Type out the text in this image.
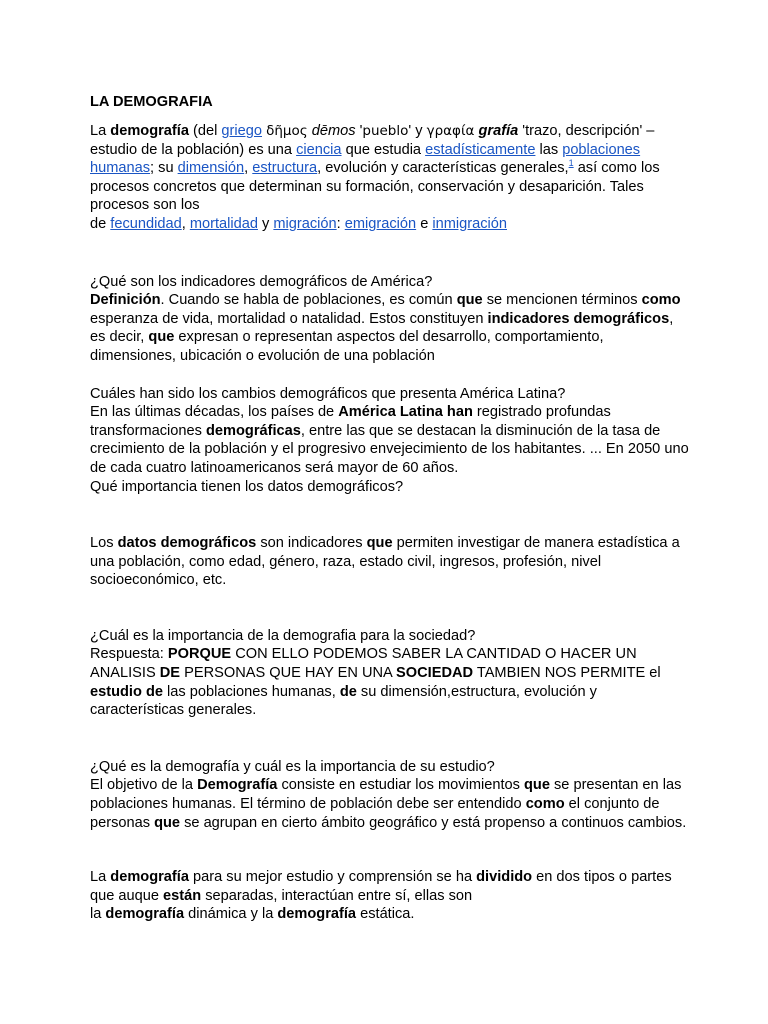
LA DEMOGRAFIA

La demografía (del griego δῆμος dēmos 'pueblo' y γραφία grafía 'trazo, descripción' – estudio de la población) es una ciencia que estudia estadísticamente las poblaciones humanas; su dimensión, estructura, evolución y características generales,$^1$ así como los procesos concretos que determinan su formación, conservación y desaparición. Tales procesos son los

de fecundidad, mortalidad y migración: emigración e inmigración

¿Qué son los indicadores demográficos de América?

Definición. Cuando se habla de poblaciones, es común que se mencionen términos como esperanza de vida, mortalidad o natalidad. Estos constituyen indicadores demográficos, es decir, que expresan o representan aspectos del desarrollo, comportamiento, dimensiones, ubicación o evolución de una población

Cuáles han sido los cambios demográficos que presenta América Latina?

En las últimas décadas, los países de América Latina han registrado profundas transformaciones demográficas, entre las que se destacan la disminución de la tasa de crecimiento de la población y el progresivo envejecimiento de los habitantes. ... En 2050 uno de cada cuatro latinoamericanos será mayor de 60 años.

Qué importancia tienen los datos demográficos?

Los datos demográficos son indicadores que permiten investigar de manera estadística a una población, como edad, género, raza, estado civil, ingresos, profesión, nivel socioeconómico, etc.

¿Cuál es la importancia de la demografia para la sociedad?

Respuesta: PORQUE CON ELLO PODEMOS SABER LA CANTIDAD O HACER UN ANALISIS DE PERSONAS QUE HAY EN UNA SOCIEDAD TAMBIEN NOS PERMITE el estudio de las poblaciones humanas, de su dimensión,estructura, evolución y características generales.

¿Qué es la demografía y cuál es la importancia de su estudio?

El objetivo de la Demografía consiste en estudiar los movimientos que se presentan en las poblaciones humanas. El término de población debe ser entendido como el conjunto de personas que se agrupan en cierto ámbito geográfico y está propenso a continuos cambios.

La demografía para su mejor estudio y comprensión se ha dividido en dos tipos o partes que auque están separadas, interactúan entre sí, ellas son

la demografía dinámica y la demografía estática.
